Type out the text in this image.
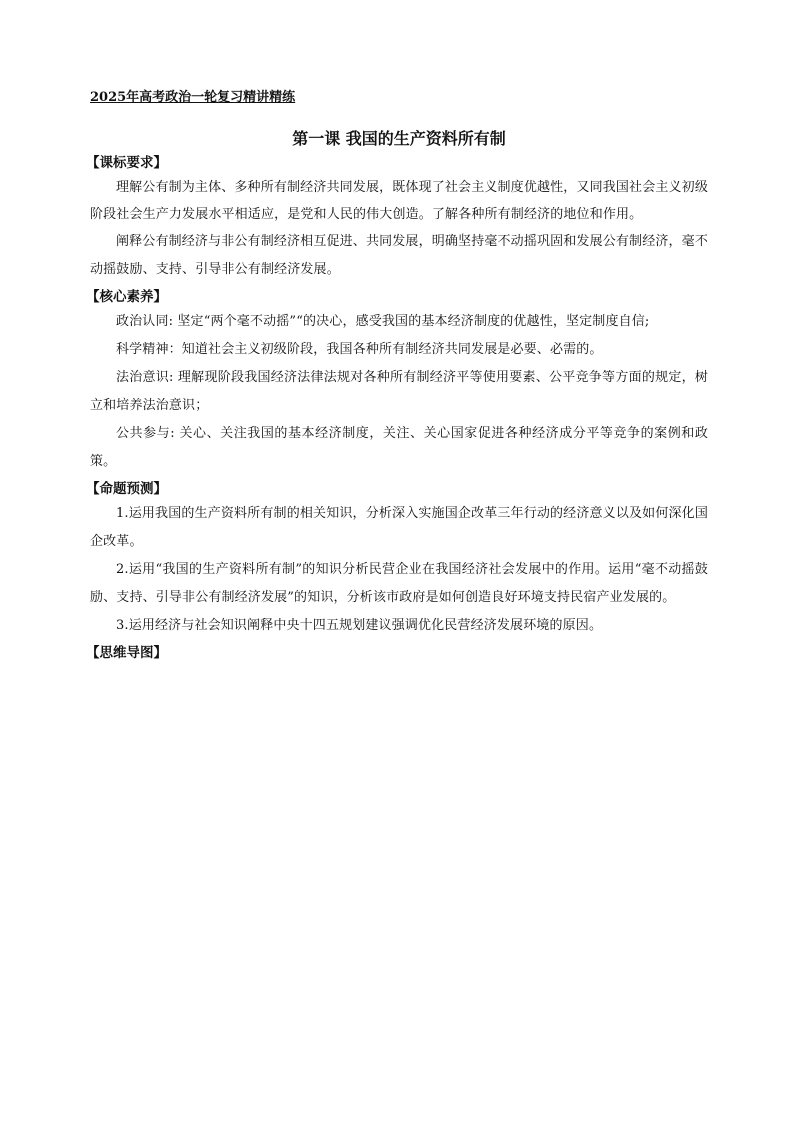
2025年高考政治一轮复习精讲精练
第一课 我国的生产资料所有制
【课标要求】

理解公有制为主体、多种所有制经济共同发展，既体现了社会主义制度优越性，又同我国社会主义初级阶段社会生产力发展水平相适应，是党和人民的伟大创造。了解各种所有制经济的地位和作用。

阐释公有制经济与非公有制经济相互促进、共同发展，明确坚持毫不动摇巩固和发展公有制经济，毫不动摇鼓励、支持、引导非公有制经济发展。

【核心素养】

政治认同: 坚定“两个毫不动摇”“的决心，感受我国的基本经济制度的优越性，坚定制度自信;

科学精神：知道社会主义初级阶段，我国各种所有制经济共同发展是必要、必需的。

法治意识: 理解现阶段我国经济法律法规对各种所有制经济平等使用要素、公平竞争等方面的规定，树立和培养法治意识；

公共参与: 关心、关注我国的基本经济制度，关注、关心国家促进各种经济成分平等竞争的案例和政策。

【命题预测】

1.运用我国的生产资料所有制的相关知识，分析深入实施国企改革三年行动的经济意义以及如何深化国企改革。

2.运用“我国的生产资料所有制”的知识分析民营企业在我国经济社会发展中的作用。运用“毫不动摇鼓励、支持、引导非公有制经济发展”的知识，分析该市政府是如何创造良好环境支持民宿产业发展的。

3.运用经济与社会知识阐释中央十四五规划建议强调优化民营经济发展环境的原因。

【思维导图】
